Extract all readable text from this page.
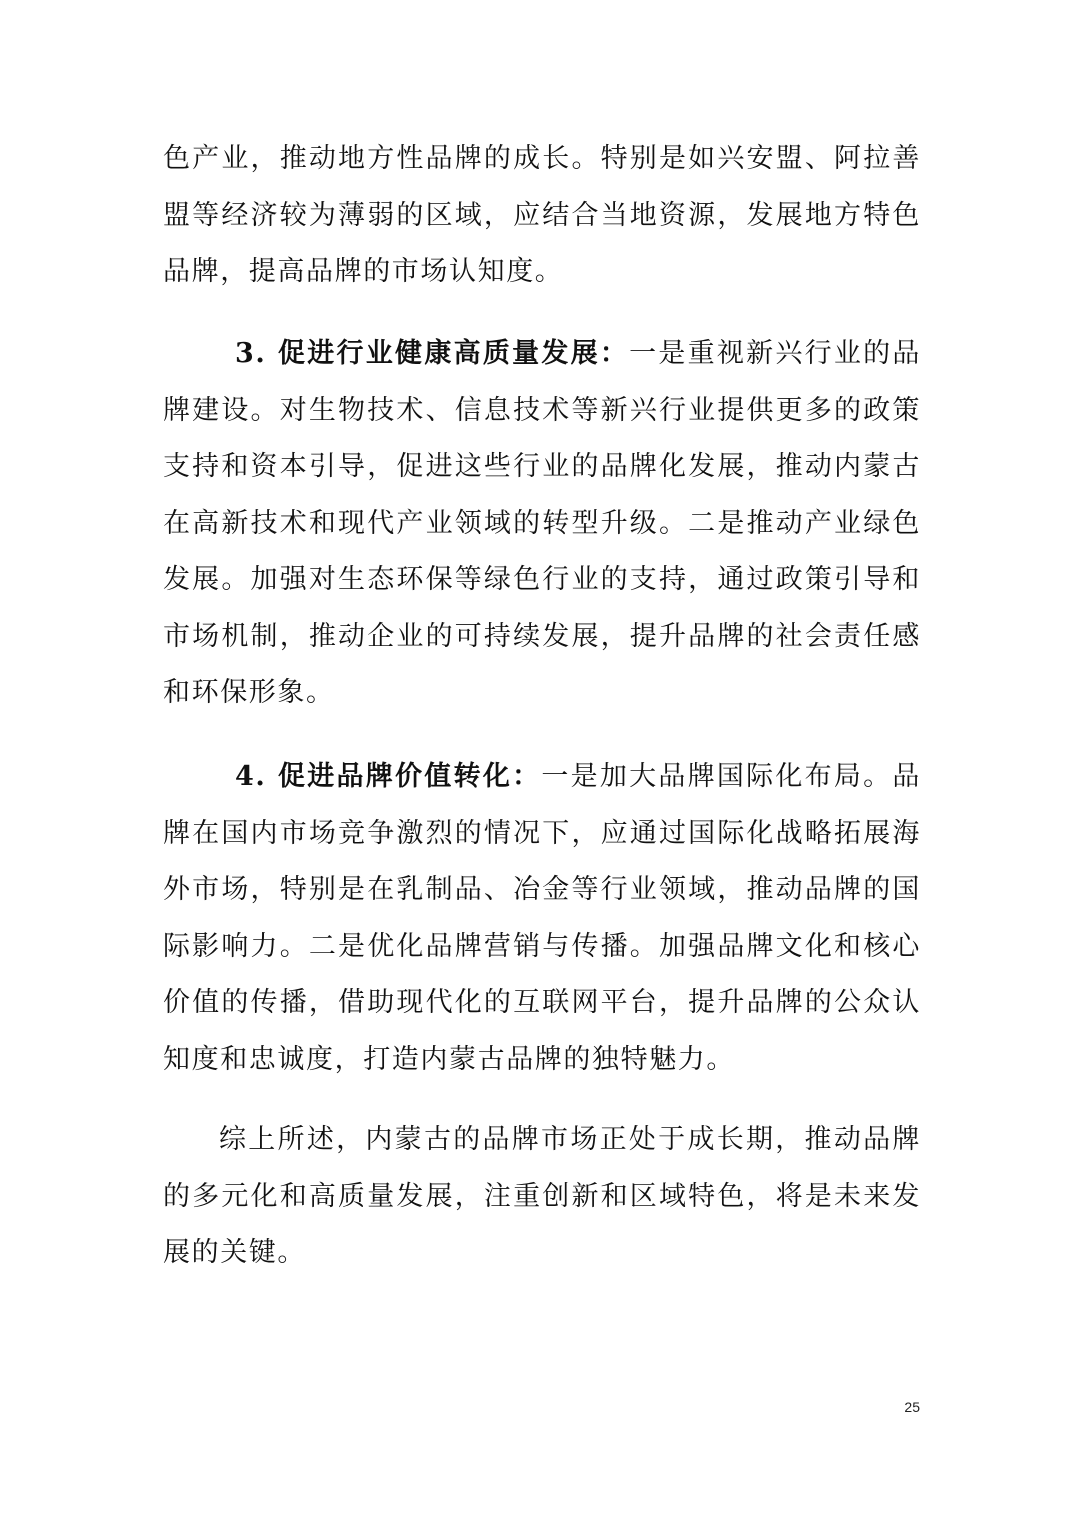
色产业，推动地方性品牌的成长。特别是如兴安盟、阿拉善盟等经济较为薄弱的区域，应结合当地资源，发展地方特色品牌，提高品牌的市场认知度。

3. 促进行业健康高质量发展：一是重视新兴行业的品牌建设。对生物技术、信息技术等新兴行业提供更多的政策支持和资本引导，促进这些行业的品牌化发展，推动内蒙古在高新技术和现代产业领域的转型升级。二是推动产业绿色发展。加强对生态环保等绿色行业的支持，通过政策引导和市场机制，推动企业的可持续发展，提升品牌的社会责任感和环保形象。

4. 促进品牌价值转化：一是加大品牌国际化布局。品牌在国内市场竞争激烈的情况下，应通过国际化战略拓展海外市场，特别是在乳制品、冶金等行业领域，推动品牌的国际影响力。二是优化品牌营销与传播。加强品牌文化和核心价值的传播，借助现代化的互联网平台，提升品牌的公众认知度和忠诚度，打造内蒙古品牌的独特魅力。

综上所述，内蒙古的品牌市场正处于成长期，推动品牌的多元化和高质量发展，注重创新和区域特色，将是未来发展的关键。

25
